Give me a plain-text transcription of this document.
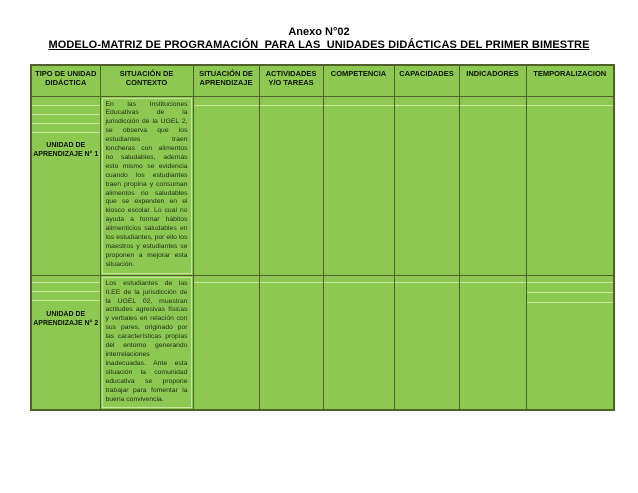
Anexo N°02
MODELO-MATRIZ DE PROGRAMACIÓN  PARA LAS  UNIDADES DIDÁCTICAS DEL PRIMER BIMESTRE
TIPO DE UNIDAD DIDÁCTICA	SITUACIÓN DE CONTEXTO	SITUACIÓN DE APRENDIZAJE	ACTIVIDADES Y/O TAREAS	COMPETENCIA	CAPACIDADES	INDICADORES	TEMPORALIZACION

UNIDAD DE APRENDIZAJE N° 1	En las Instituciones Educativas de la jurisdicción de la UGEL 2, se observa que los estudiantes traen loncheras con alimentos no saludables, además esto mismo se evidencia cuando los estudiantes traen propina y consuman alimentos no saludables que se expenden en el kiosco escolar. Lo cual no ayuda a formar hábitos alimenticios saludables en los estudiantes, por ello los maestros y estudiantes se proponen a mejorar esta situación.						

UNIDAD DE APRENDIZAJE N° 2	Los estudiantes de las II.EE de la jurisdicción de la UGEL 02, muestran actitudes agresivas físicas y verbales en relación con sus pares, originado por las características propias del entorno generando interrelaciones inadecuadas. Ante esta situación la comunidad educativa se propone trabajar para fomentar la buena convivencia.						
